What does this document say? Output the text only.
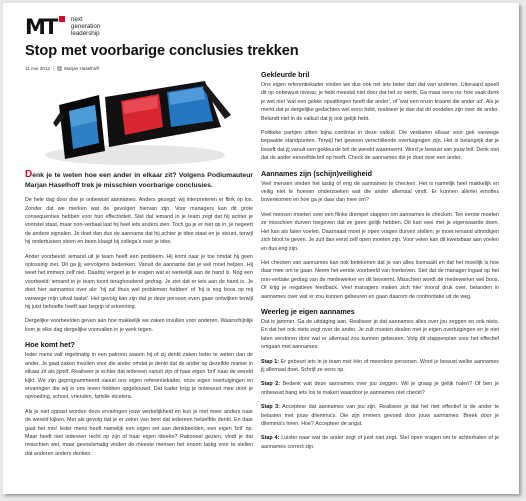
MT next
generation
leadership
Stop met voorbarige conclusies trekken
11 mei 2012 | Marjan Haselhoff

Denk je te weten hoe een ander in elkaar zit? Volgens Podiumauteur Marjan Haselhoff trek je misschien voorbarige conclusies.

De hele dag door doe je onbewust aannames. Anders gezegd: wij interpreteren er flink op los. Zonder dat we merken wat de gevolgen hiervan zijn. Voor managers kan dit grote consequenties hebben voor hun effectiviteit. Stel dat iemand in je team zegt dat hij achter je voorstel staat, maar non-verbaal laat hij heel iets anders zien. Toch ga je er niet op in, je negeert de andere signalen. Je doet dan dus de aanname dat hij achter je idee staat en je steunt, terwijl hij ondertussen steen en been klaagt bij collega's over je idee.

Ander voorbeeld: iemand uit je team heeft een probleem. Hij komt naar je toe omdat hij geen oplossing ziet. Dit ga jij vervolgens bedenken. Vanuit de aanname dat je wel moet helpen. Hij weet het immers zelf niet. Daarbij vergeet je te vragen wat er werkelijk aan de hand is. Nog een voorbeeld: iemand in je team toont terughoudend gedrag. Je ziet dat er iets aan de hand is. Je doet hier aannames over als: 'hij zal thuis wel problemen hebben' of 'hij is nog boos op mij vanwege mijn uitval laatst'. Het gevolg kan zijn dat je deze persoon even gaan ontwijken terwijl hij juist behoefte heeft aan begrip of erkenning.

Dergelijke voorbeelden geven aan hoe makkelijk we zaken invullen voor anderen. Waarschijnlijk kom je elke dag dergelijke voorvallen in je werk tegen.

Hoe komt het?

Ieder mens valt regelmatig in een patroon waarin hij of zij denkt zaken beter te weten dan de ander. Je gaat zaken invullen voor die ander omdat je denkt dat de ander op dezelfde manier in elkaar zit als jijzelf. Realiseer je echter dat iedereen vanuit zijn of haar eigen 'bril' naar de wereld kijkt. We zijn geprogrammeerd vanuit ons eigen referentiekader, onze eigen overtuigingen en ervaringen die wij in ons leven hebben opgebouwd. Dat kader krijg je onbewust mee door je opvoeding, school, vrienden, familie etcetera.

Als je niet oppast worden deze ervaringen jouw werkelijkheid en kun je niet meer anders naar de wereld kijken. Met als gevolg dat je er zeker van bent dat iedereen hetzelfde denkt. En daar gaat het mis! Ieder mens heeft namelijk een eigen set aan denkbeelden, een eigen 'bril' op. Maar heeft niet iedereen recht op zijn of haar eigen ideeën? Rationeel gezien, vindt je dat misschien wel, maar gevoelsmatig vinden de meeste mensen het enorm lastig voor te stellen dat anderen anders denken.

Gekleurde bril

Ons eigen referentiekader vinden we dus ook net iets beter dan dat van anderen. Uiteraard speelt dit op onbewust niveau; je hebt meestal niet door dat het zo werkt. Ga maar eens na: hoe vaak denk je wel niet 'wat een gekke opvattingen heeft die ander', of 'wat een onzin kraamt die ander uit'. Als je merkt dat je dergelijke gedachtes wel eens hebt, realiseer je dan dat dit oordelen zijn over de ander. Belandt niet in de valkuil dat jij ook gelijk hebt.

Politieke partijen zitten bijna continue in deze valkuil. Die verklaren elkaar voor gek vanwege bepaalde standpunten. Terwijl het gewoon verschillende overtuigingen zijn. Het is belangrijk dat je beseft dat jij vanuit een gekleurde bril de wereld waarneemt. Word je bewust van jouw bril. Denk niet dat de ander eenzelfde bril op heeft. Check de aannames die je doet over een ander.

Aannames zijn (schijn)veiligheid

Veel mensen vinden het lastig of eng de aannames te checken. Het is namelijk heel makkelijk en veilig niet te hoeven onderzoeken wat die ander allemaal vindt. Er kunnen allerlei emoties bovenkomen en hoe ga je daar dan mee om?

Veel mensen moeten over een flinke drempel stappen om aannames te checken. Ten eerste moeten ze misschien durven toegeven dat ze geen gelijk hebben. Dit kan veel met je eigenwaarde doen. Het kan als falen voelen. Daarnaast moet je open vragen durven stellen; je moet iemand uitnodigen zich bloot te geven. Je zult dan eerst zelf open moeten zijn. Voor velen kan dit kwetsbaar aan voelen en dus eng zijn.

Het checken van aannames kan ook betekenen dat je van alles losmaakt en dat het moeilijk is hoe daar mee om te gaan. Neem het eerste voorbeeld van hierboven. Stel dat de manager ingaat op het non-verbale gedrag van de medewerker en dit benoemt. Misschien wordt de medewerker wel boos. Of krijg je negatieve feedback. Veel managers maken zich hier vooraf druk over, belanden in aannames over wat er zou kunnen gebeuren en gaan daarom de confrontatie uit de weg.

Weerleg je eigen aannames

Dat is jammer. Ga de uitdaging aan. Realiseer je dat aannames alles over jou zeggen en ook niets. En dat het ook niets zegt over de ander. Je zult moeten dealen met je eigen overtuigingen en je niet laten verstoren door wat er allemaal zou kunnen gebeuren. Volg dit stappenplan voor het effectief omgaan met aannames:

Stap 1: Er gebeurt iets in je team met één of meerdere personen. Word je bewust welke aannames jij allemaal doet. Schrijf ze eens op.

Stap 2: Bedenk wat deze aannames over jou zeggen. Wil je graag je gelijk halen? Of ben je onbewust bang iets los te maken waardoor je aannames niet checkt?

Stap 3: Accepteer dat aannames van jou zijn. Realiseer je dat het niet effectief is de ander te belasten met jouw dilemma's. Die zijn immers gevoed door jouw aannames. Breek door je dilemma's heen. Hoe? Accepteer de angst.

Stap 4: Luister naar wat de ander zegt of juist niet zegt. Stel open vragen om te achterhalen of je aannames correct zijn.
